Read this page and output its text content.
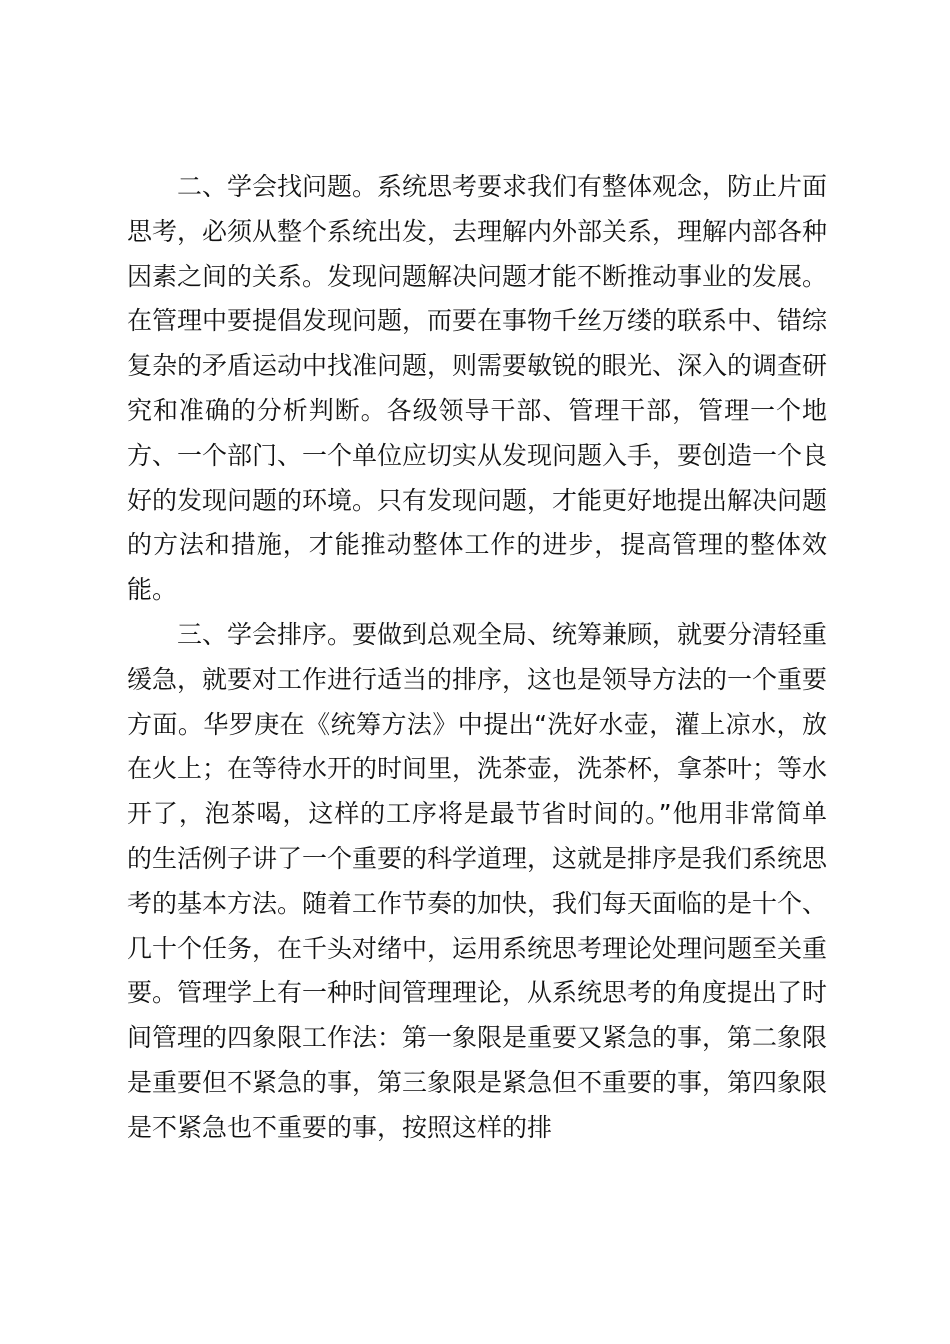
二、学会找问题。系统思考要求我们有整体观念，防止片面思考，必须从整个系统出发，去理解内外部关系，理解内部各种因素之间的关系。发现问题解决问题才能不断推动事业的发展。在管理中要提倡发现问题，而要在事物千丝万缕的联系中、错综复杂的矛盾运动中找准问题，则需要敏锐的眼光、深入的调查研究和准确的分析判断。各级领导干部、管理干部，管理一个地方、一个部门、一个单位应切实从发现问题入手，要创造一个良好的发现问题的环境。只有发现问题，才能更好地提出解决问题的方法和措施，才能推动整体工作的进步，提高管理的整体效能。

三、学会排序。要做到总观全局、统筹兼顾，就要分清轻重缓急，就要对工作进行适当的排序，这也是领导方法的一个重要方面。华罗庚在《统筹方法》中提出“洗好水壶，灌上凉水，放在火上；在等待水开的时间里，洗茶壶，洗茶杯，拿茶叶；等水开了，泡茶喝，这样的工序将是最节省时间的。”他用非常简单的生活例子讲了一个重要的科学道理，这就是排序是我们系统思考的基本方法。随着工作节奏的加快，我们每天面临的是十个、几十个任务，在千头对绪中，运用系统思考理论处理问题至关重要。管理学上有一种时间管理理论，从系统思考的角度提出了时间管理的四象限工作法：第一象限是重要又紧急的事，第二象限是重要但不紧急的事，第三象限是紧急但不重要的事，第四象限是不紧急也不重要的事，按照这样的排
